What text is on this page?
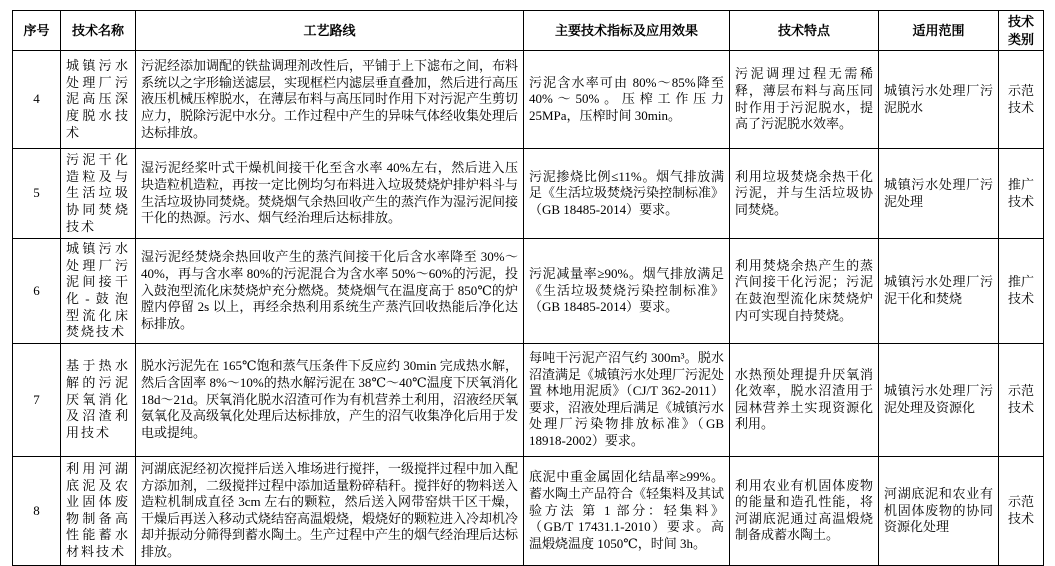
序号	技术名称	工艺路线	主要技术指标及应用效果	技术特点	适用范围	技术类别
4	城镇污水处理厂污泥高压深度脱水技术	污泥经添加调配的铁盐调理剂改性后，平铺于上下滤布之间，布料系统以之字形输送滤层，实现框栏内滤层垂直叠加，然后进行高压液压机械压榨脱水，在薄层布料与高压同时作用下对污泥产生剪切应力，脱除污泥中水分。工作过程中产生的异味气体经收集处理后达标排放。	污泥含水率可由 80%～85%降至 40%～50%。压榨工作压力 25MPa，压榨时间 30min。	污泥调理过程无需稀释，薄层布料与高压同时作用于污泥脱水，提高了污泥脱水效率。	城镇污水处理厂污泥脱水	示范技术
5	污泥干化造粒及与生活垃圾协同焚烧技术	湿污泥经桨叶式干燥机间接干化至含水率 40%左右，然后进入压块造粒机造粒，再按一定比例均匀布料进入垃圾焚烧炉排炉料斗与生活垃圾协同焚烧。焚烧烟气余热回收产生的蒸汽作为湿污泥间接干化的热源。污水、烟气经治理后达标排放。	污泥掺烧比例≤11%。烟气排放满足《生活垃圾焚烧污染控制标准》（GB 18485-2014）要求。	利用垃圾焚烧余热干化污泥，并与生活垃圾协同焚烧。	城镇污水处理厂污泥处理	推广技术
6	城镇污水处理厂污泥间接干化-鼓泡型流化床焚烧技术	湿污泥经焚烧余热回收产生的蒸汽间接干化后含水率降至 30%～40%，再与含水率 80%的污泥混合为含水率 50%～60%的污泥，投入鼓泡型流化床焚烧炉充分燃烧。焚烧烟气在温度高于 850℃的炉膛内停留 2s 以上，再经余热利用系统生产蒸汽回收热能后净化达标排放。	污泥减量率≥90%。烟气排放满足《生活垃圾焚烧污染控制标准》（GB 18485-2014）要求。	利用焚烧余热产生的蒸汽间接干化污泥；污泥在鼓泡型流化床焚烧炉内可实现自持焚烧。	城镇污水处理厂污泥干化和焚烧	推广技术
7	基于热水解的污泥厌氧消化及沼渣利用技术	脱水污泥先在 165℃饱和蒸气压条件下反应约 30min 完成热水解，然后含固率 8%～10%的热水解污泥在 38℃～40℃温度下厌氧消化 18d～21d。厌氧消化脱水沼渣可作为有机营养土利用，沼液经厌氧氨氧化及高级氧化处理后达标排放，产生的沼气收集净化后用于发电或提纯。	每吨干污泥产沼气约 300m³。脱水沼渣满足《城镇污水处理厂污泥处置 林地用泥质》（CJ/T 362-2011）要求，沼液处理后满足《城镇污水处理厂污染物排放标准》（GB 18918-2002）要求。	水热预处理提升厌氧消化效率，脱水沼渣用于园林营养土实现资源化利用。	城镇污水处理厂污泥处理及资源化	示范技术
8	利用河湖底泥及农业固体废物制备高性能蓄水材料技术	河湖底泥经初次搅拌后送入堆场进行搅拌，一级搅拌过程中加入配方添加剂，二级搅拌过程中添加适量粉碎秸秆。搅拌好的物料送入造粒机制成直径 3cm 左右的颗粒，然后送入网带窑烘干区干燥，干燥后再送入移动式烧结窑高温煅烧，煅烧好的颗粒进入冷却机冷却并振动分筛得到蓄水陶土。生产过程中产生的烟气经治理后达标排放。	底泥中重金属固化结晶率≥99%。蓄水陶土产品符合《轻集料及其试验方法 第 1 部分：轻集料》（GB/T 17431.1-2010）要求。高温煅烧温度 1050℃，时间 3h。	利用农业有机固体废物的能量和造孔性能，将河湖底泥通过高温煅烧制备成蓄水陶土。	河湖底泥和农业有机固体废物的协同资源化处理	示范技术
